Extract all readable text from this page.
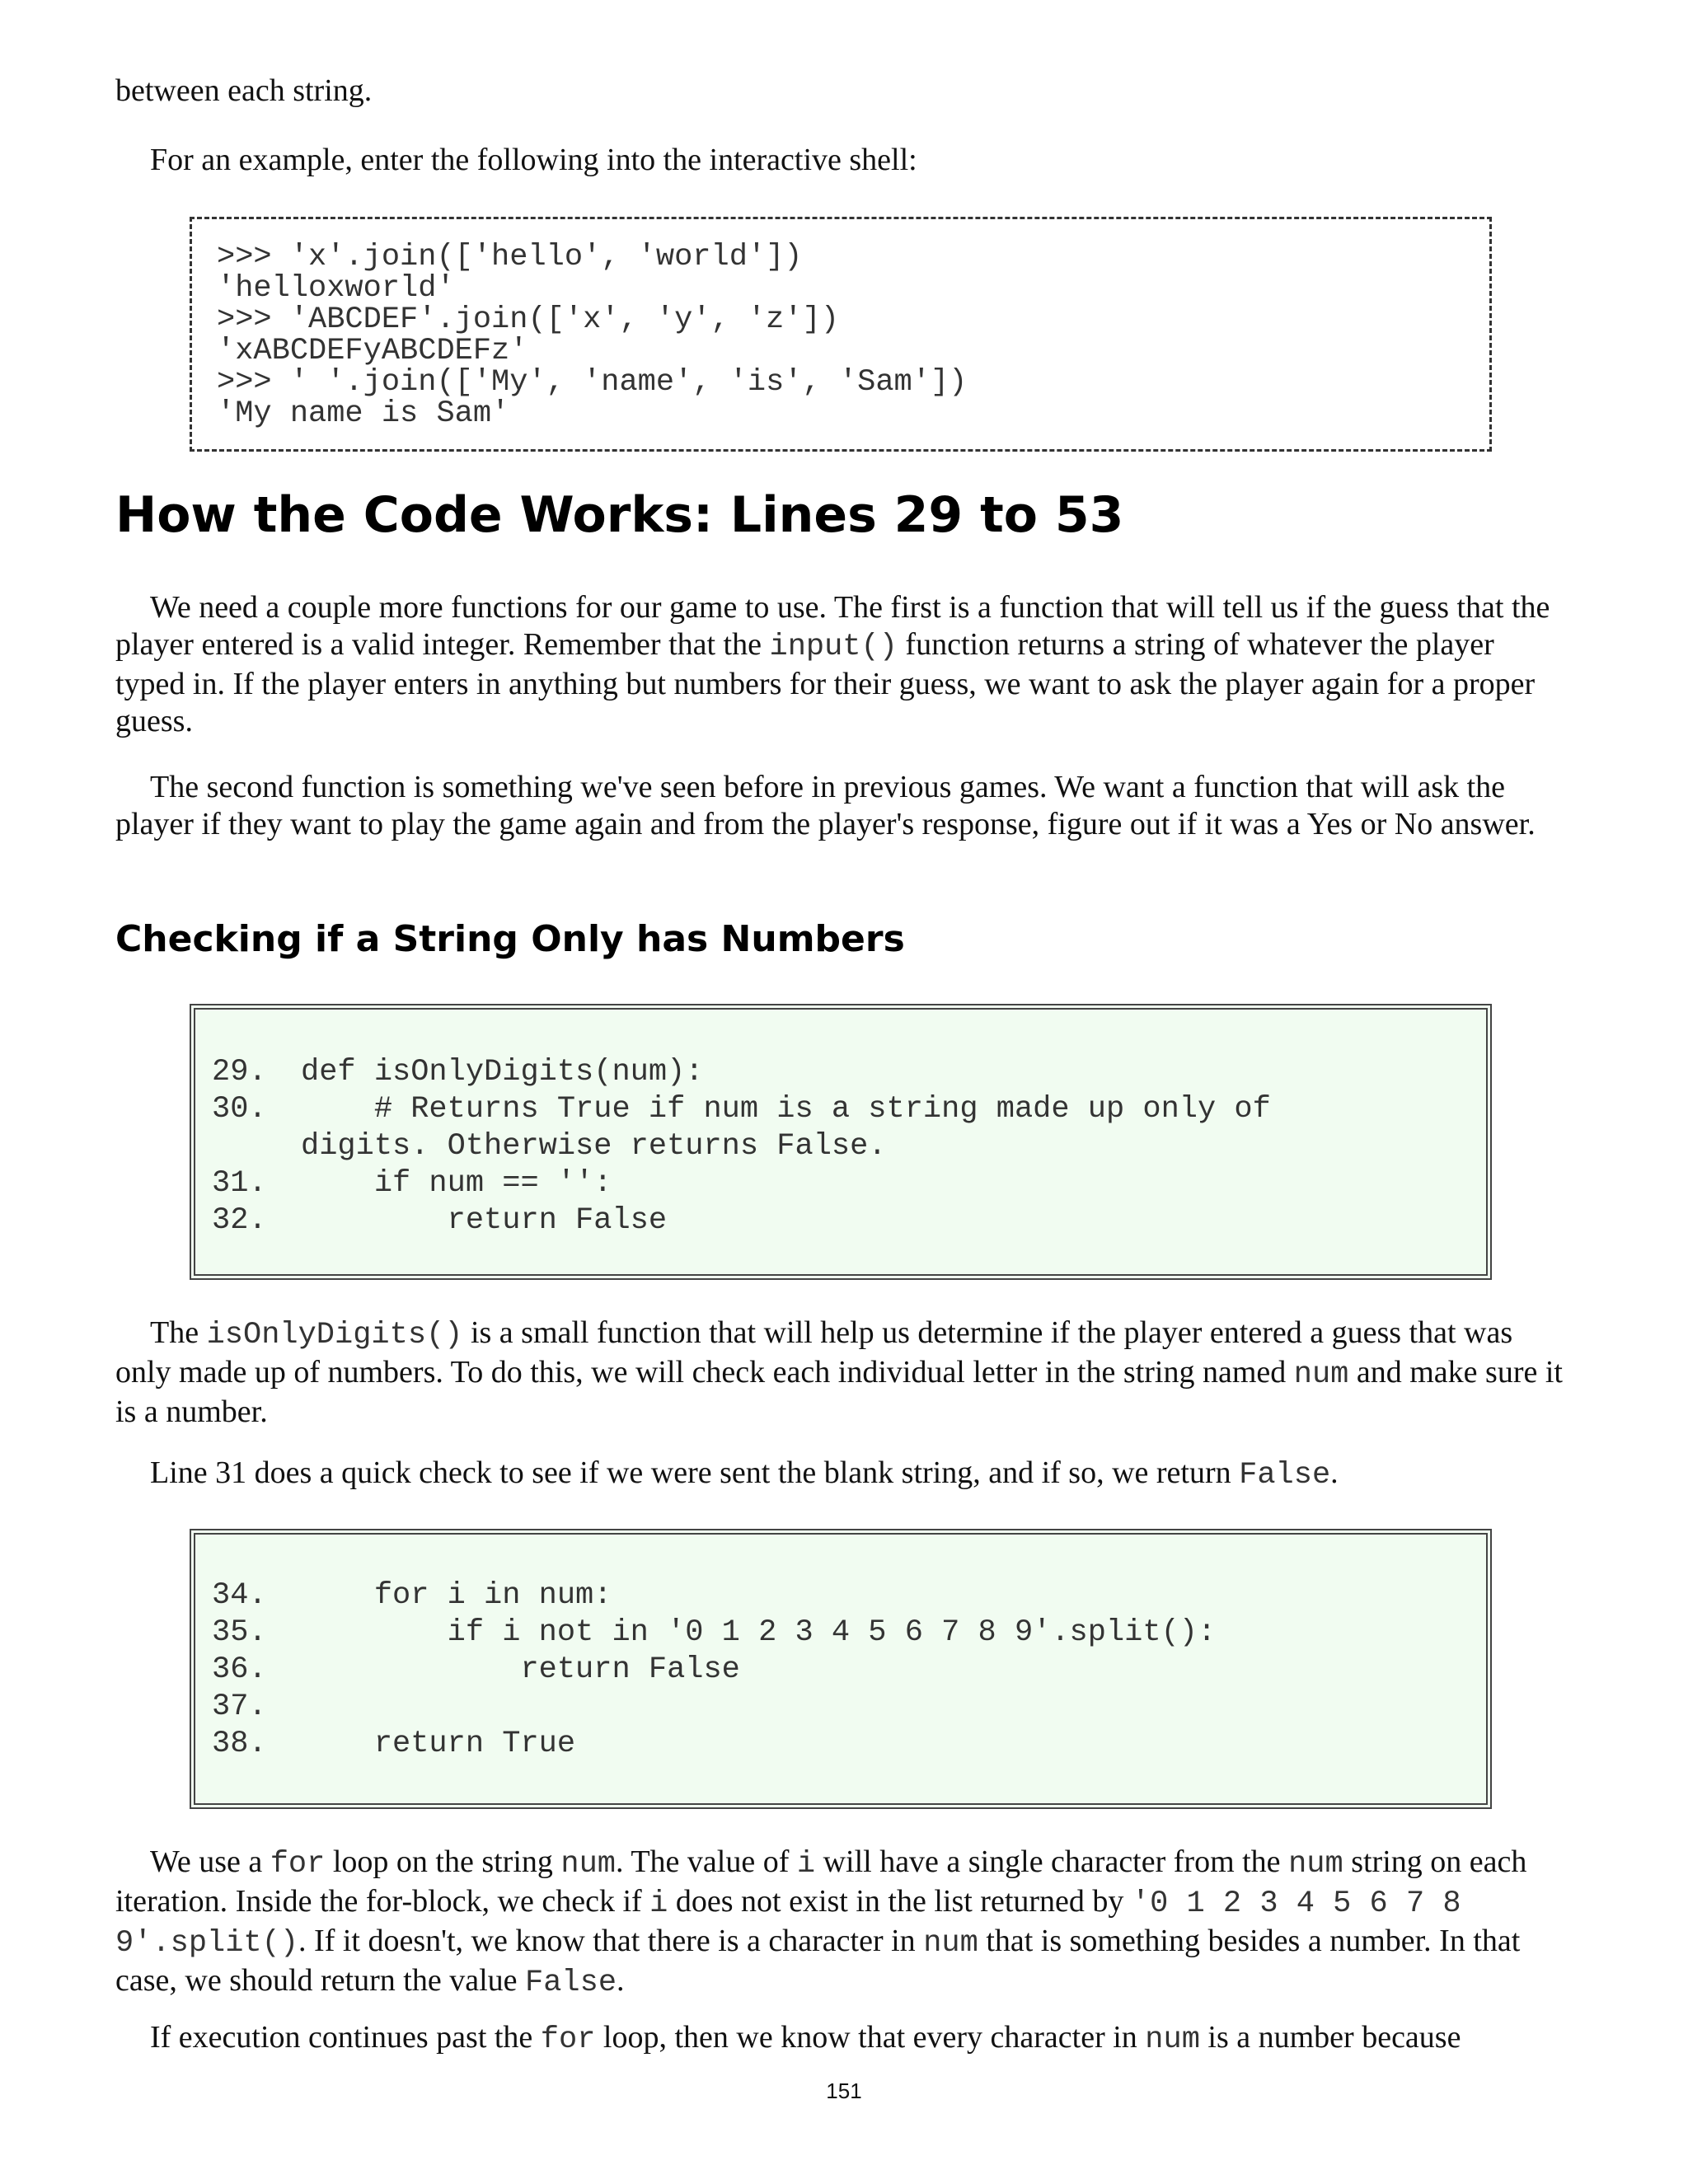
between each string.
For an example, enter the following into the interactive shell:
>>> 'x'.join(['hello', 'world'])
'helloxworld'
>>> 'ABCDEF'.join(['x', 'y', 'z'])
'xABCDEFyABCDEFz'
>>> ' '.join(['My', 'name', 'is', 'Sam'])
'My name is Sam'
How the Code Works: Lines 29 to 53
We need a couple more functions for our game to use. The first is a function that will tell us if the guess that the player entered is a valid integer. Remember that the input() function returns a string of whatever the player typed in. If the player enters in anything but numbers for their guess, we want to ask the player again for a proper guess.
The second function is something we've seen before in previous games. We want a function that will ask the player if they want to play the game again and from the player's response, figure out if it was a Yes or No answer.
Checking if a String Only has Numbers
29. def isOnlyDigits(num):
30. # Returns True if num is a string made up only of
digits. Otherwise returns False.
31. if num == '':
32. return False
The isOnlyDigits() is a small function that will help us determine if the player entered a guess that was only made up of numbers. To do this, we will check each individual letter in the string named num and make sure it is a number.
Line 31 does a quick check to see if we were sent the blank string, and if so, we return False.
34. for i in num:
35. if i not in '0 1 2 3 4 5 6 7 8 9'.split():
36. return False
37.
38. return True
We use a for loop on the string num. The value of i will have a single character from the num string on each iteration. Inside the for-block, we check if i does not exist in the list returned by '0 1 2 3 4 5 6 7 8 9'.split(). If it doesn't, we know that there is a character in num that is something besides a number. In that case, we should return the value False.
If execution continues past the for loop, then we know that every character in num is a number because
151
